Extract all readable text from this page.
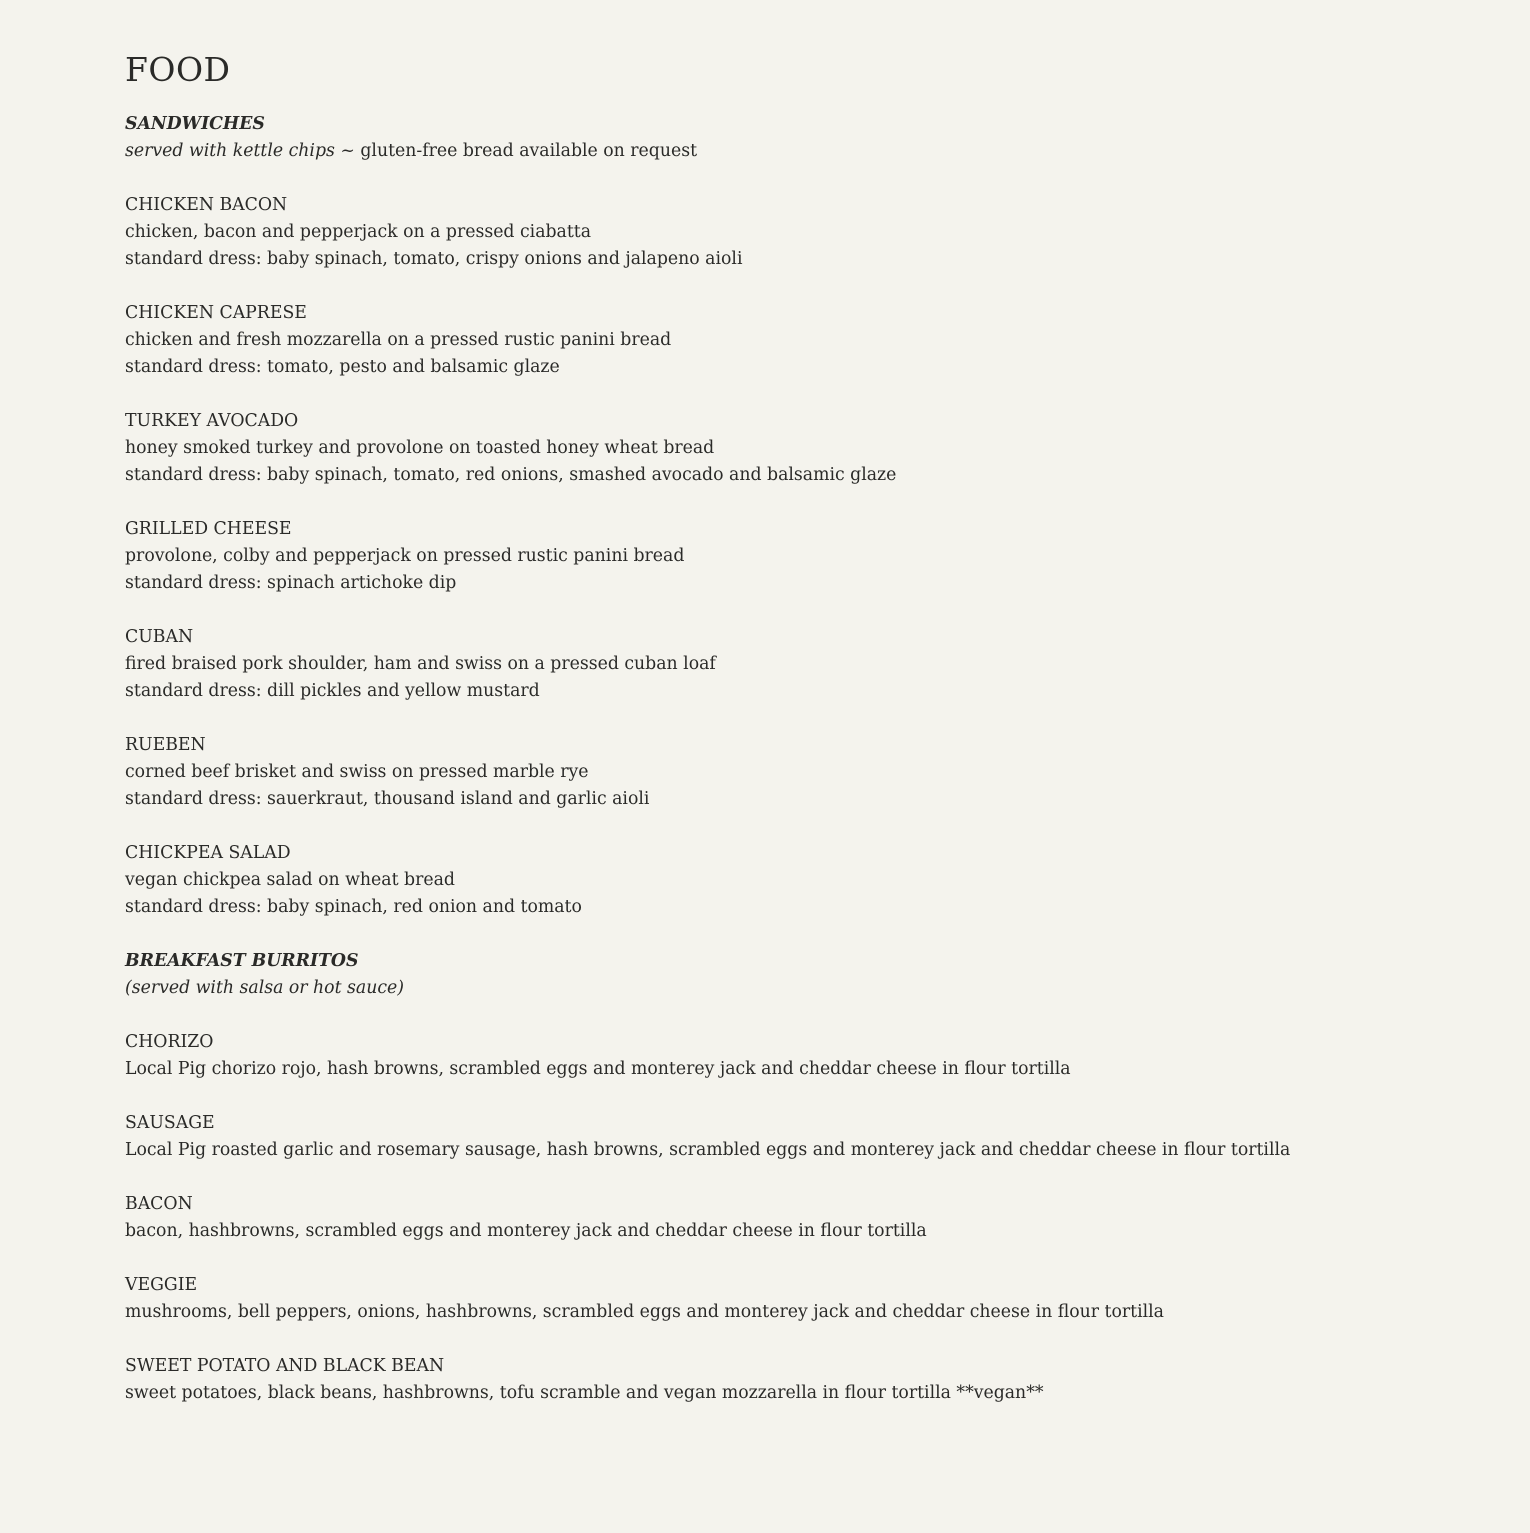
FOOD
SANDWICHES
served with kettle chips ~ gluten-free bread available on request
CHICKEN BACON
chicken, bacon and pepperjack on a pressed ciabatta
standard dress: baby spinach, tomato, crispy onions and jalapeno aioli
CHICKEN CAPRESE
chicken and fresh mozzarella on a pressed rustic panini bread
standard dress: tomato, pesto and balsamic glaze
TURKEY AVOCADO
honey smoked turkey and provolone on toasted honey wheat bread
standard dress: baby spinach, tomato, red onions, smashed avocado and balsamic glaze
GRILLED CHEESE
provolone, colby and pepperjack on pressed rustic panini bread
standard dress: spinach artichoke dip
CUBAN
fired braised pork shoulder, ham and swiss on a pressed cuban loaf
standard dress: dill pickles and yellow mustard
RUEBEN
corned beef brisket and swiss on pressed marble rye
standard dress: sauerkraut, thousand island and garlic aioli
CHICKPEA SALAD
vegan chickpea salad on wheat bread
standard dress: baby spinach, red onion and tomato
BREAKFAST BURRITOS
(served with salsa or hot sauce)
CHORIZO
Local Pig chorizo rojo, hash browns, scrambled eggs and monterey jack and cheddar cheese in flour tortilla
SAUSAGE
Local Pig roasted garlic and rosemary sausage, hash browns, scrambled eggs and monterey jack and cheddar cheese in flour tortilla
BACON
bacon, hashbrowns, scrambled eggs and monterey jack and cheddar cheese in flour tortilla
VEGGIE
mushrooms, bell peppers, onions, hashbrowns, scrambled eggs and monterey jack and cheddar cheese in flour tortilla
SWEET POTATO AND BLACK BEAN
sweet potatoes, black beans, hashbrowns, tofu scramble and vegan mozzarella in flour tortilla **vegan**
